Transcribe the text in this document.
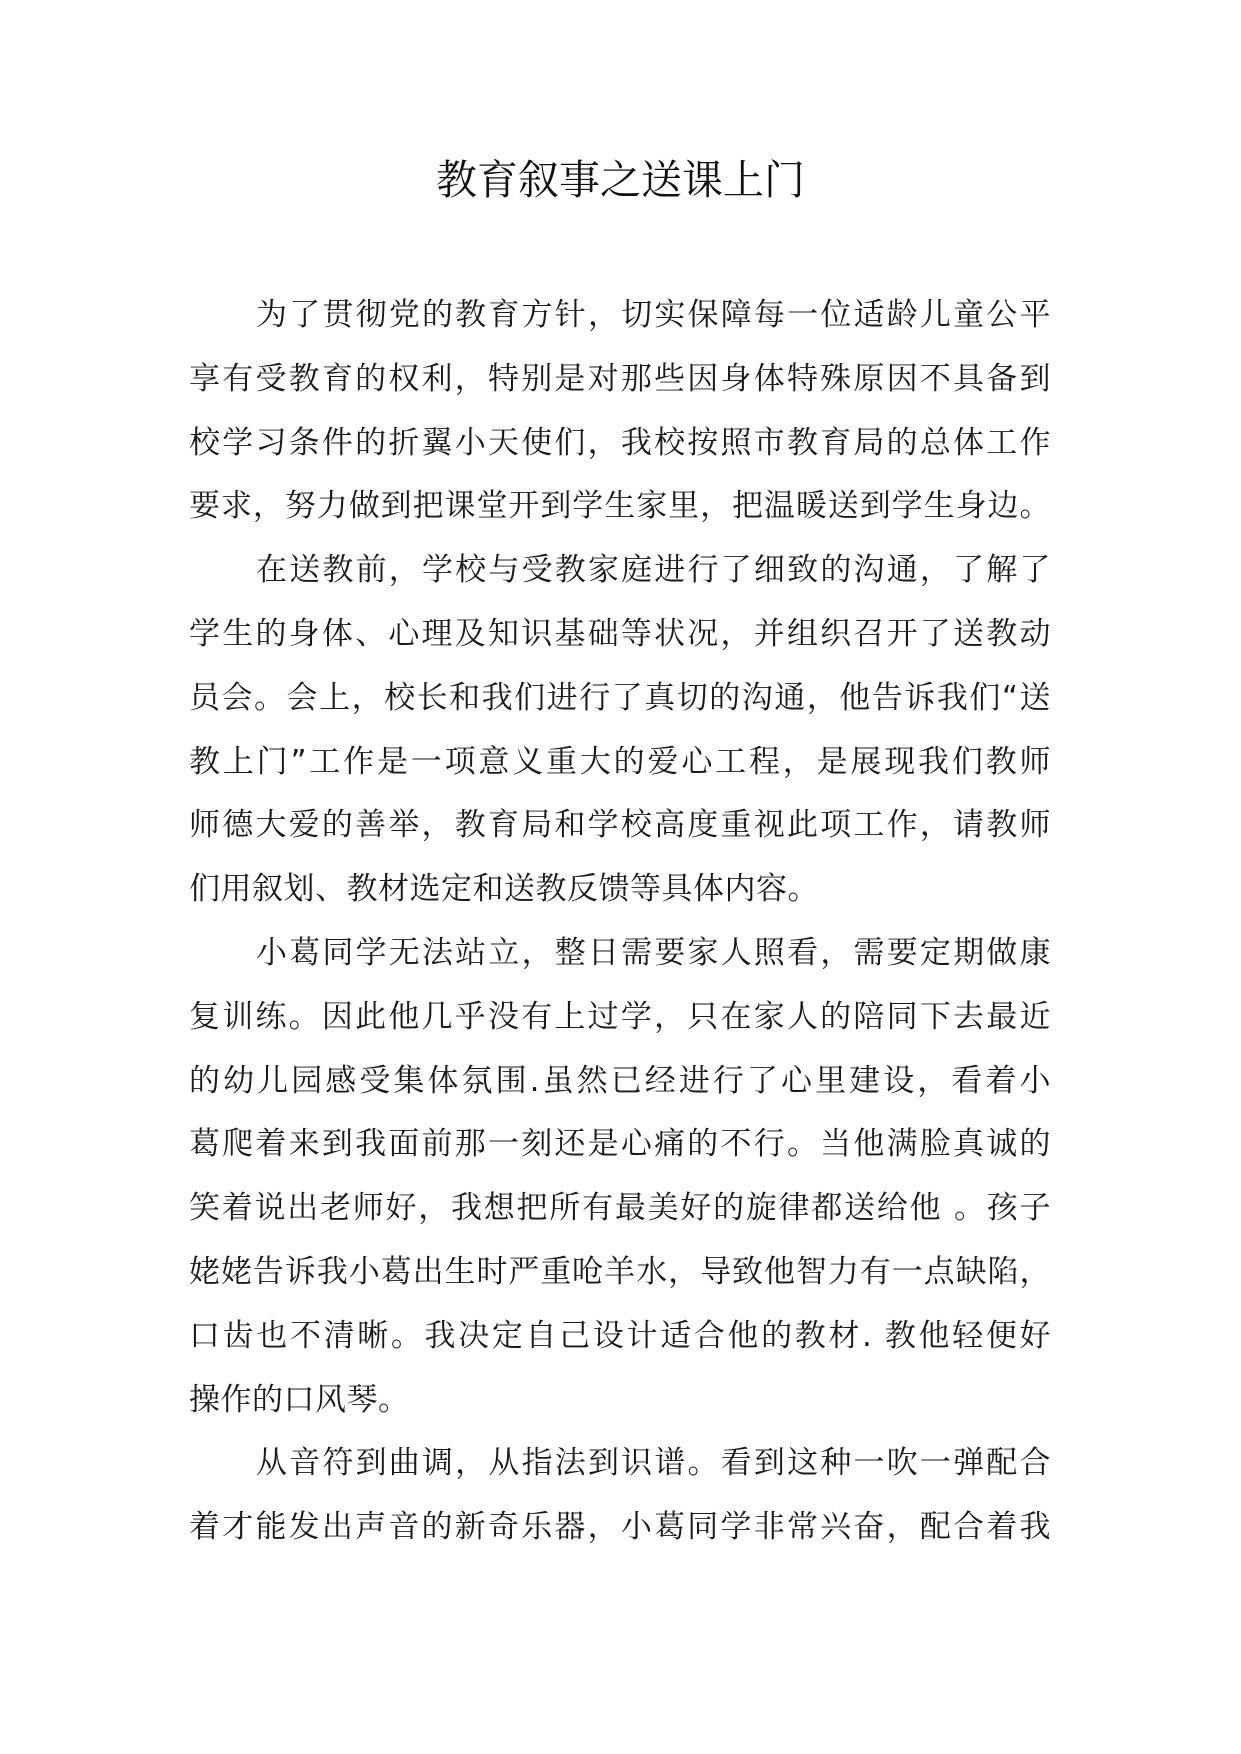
教育叙事之送课上门
为了贯彻党的教育方针，切实保障每一位适龄儿童公平
享有受教育的权利，特别是对那些因身体特殊原因不具备到
校学习条件的折翼小天使们，我校按照市教育局的总体工作
要求，努力做到把课堂开到学生家里，把温暖送到学生身边。
在送教前，学校与受教家庭进行了细致的沟通，了解了
学生的身体、心理及知识基础等状况，并组织召开了送教动
员会。会上，校长和我们进行了真切的沟通，他告诉我们“送
教上门”工作是一项意义重大的爱心工程，是展现我们教师
师德大爱的善举，教育局和学校高度重视此项工作，请教师
们用叙划、教材选定和送教反馈等具体内容。
小葛同学无法站立，整日需要家人照看，需要定期做康
复训练。因此他几乎没有上过学，只在家人的陪同下去最近
的幼儿园感受集体氛围.虽然已经进行了心里建设，看着小
葛爬着来到我面前那一刻还是心痛的不行。当他满脸真诚的
笑着说出老师好，我想把所有最美好的旋律都送给他 。孩子
姥姥告诉我小葛出生时严重呛羊水，导致他智力有一点缺陷，
口齿也不清晰。我决定自己设计适合他的教材. 教他轻便好
操作的口风琴。
从音符到曲调，从指法到识谱。看到这种一吹一弹配合
着才能发出声音的新奇乐器，小葛同学非常兴奋，配合着我
